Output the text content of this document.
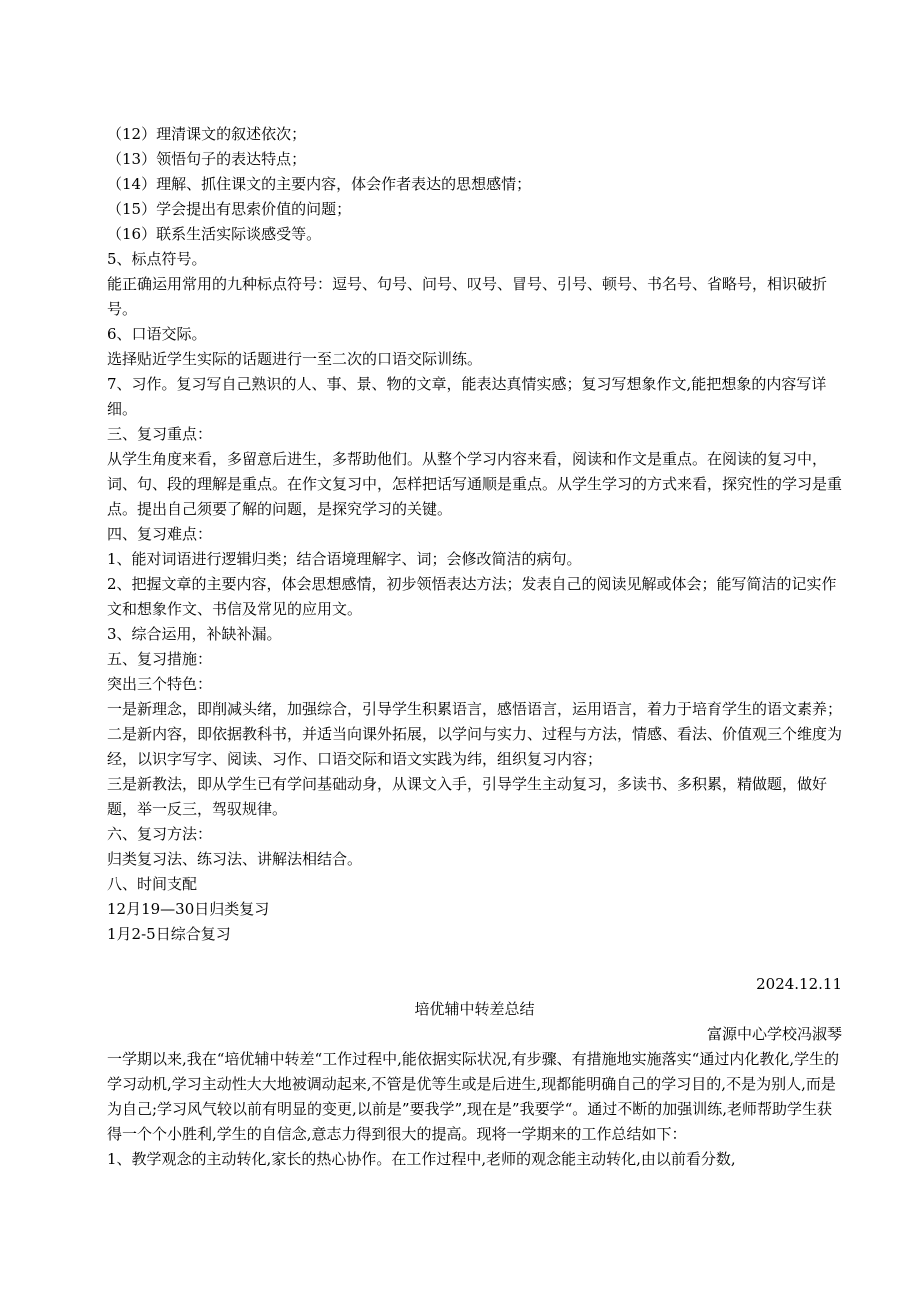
（12）理清课文的叙述依次；

（13）领悟句子的表达特点；

（14）理解、抓住课文的主要内容，体会作者表达的思想感情；

（15）学会提出有思索价值的问题；

（16）联系生活实际谈感受等。

5、标点符号。

能正确运用常用的九种标点符号：逗号、句号、问号、叹号、冒号、引号、顿号、书名号、省略号，相识破折号。

6、口语交际。

选择贴近学生实际的话题进行一至二次的口语交际训练。

7、习作。复习写自己熟识的人、事、景、物的文章，能表达真情实感；复习写想象作文,能把想象的内容写详细。

三、复习重点：

从学生角度来看，多留意后进生，多帮助他们。从整个学习内容来看，阅读和作文是重点。在阅读的复习中，词、句、段的理解是重点。在作文复习中，怎样把话写通顺是重点。从学生学习的方式来看，探究性的学习是重点。提出自己须要了解的问题，是探究学习的关键。

四、复习难点：

1、能对词语进行逻辑归类；结合语境理解字、词；会修改简洁的病句。

2、把握文章的主要内容，体会思想感情，初步领悟表达方法；发表自己的阅读见解或体会；能写简洁的记实作文和想象作文、书信及常见的应用文。

3、综合运用，补缺补漏。

五、复习措施：

突出三个特色：

一是新理念，即削减头绪，加强综合，引导学生积累语言，感悟语言，运用语言，着力于培育学生的语文素养；

二是新内容，即依据教科书，并适当向课外拓展，以学问与实力、过程与方法，情感、看法、价值观三个维度为经，以识字写字、阅读、习作、口语交际和语文实践为纬，组织复习内容；

三是新教法，即从学生已有学问基础动身，从课文入手，引导学生主动复习，多读书、多积累，精做题，做好题，举一反三，驾驭规律。

六、复习方法：

归类复习法、练习法、讲解法相结合。

八、时间支配

12月19—30日归类复习

1月2-5日综合复习

2024.12.11

培优辅中转差总结

富源中心学校冯淑琴

一学期以来,我在“培优辅中转差“工作过程中,能依据实际状况,有步骤、有措施地实施落实“通过内化教化,学生的学习动机,学习主动性大大地被调动起来,不管是优等生或是后进生,现都能明确自己的学习目的,不是为别人,而是为自己;学习风气较以前有明显的变更,以前是”要我学”,现在是”我要学“。通过不断的加强训练,老师帮助学生获得一个个小胜利,学生的自信念,意志力得到很大的提高。现将一学期来的工作总结如下：

1、教学观念的主动转化,家长的热心协作。在工作过程中,老师的观念能主动转化,由以前看分数,
